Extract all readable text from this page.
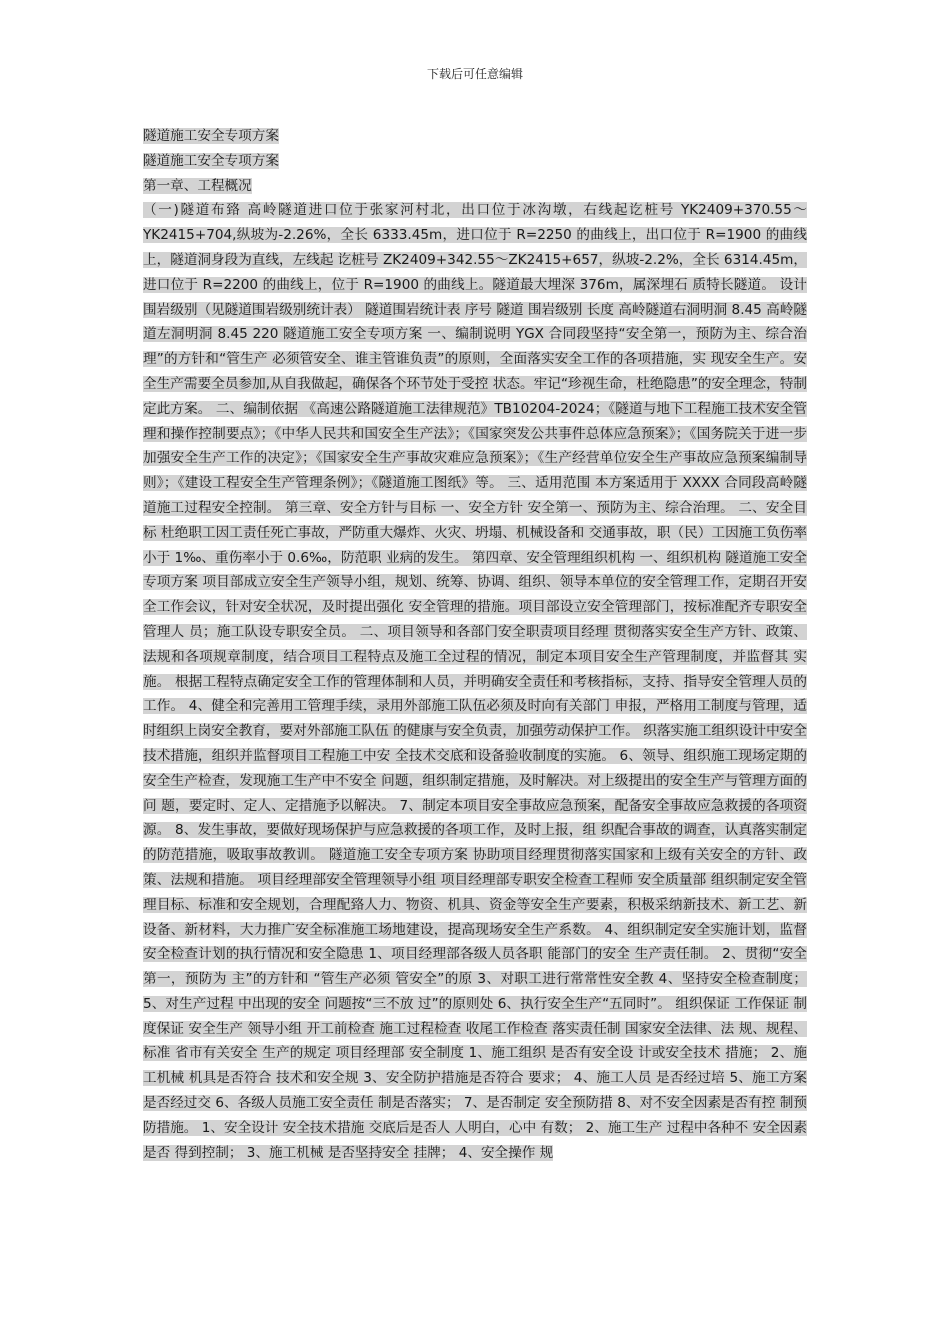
下载后可任意编辑
隧道施工安全专项方案
隧道施工安全专项方案
第一章、工程概况

（一)隧道布臵 高岭隧道进口位于张家河村北，出口位于冰沟墩，右线起讫桩号 YK2409+370.55～YK2415+704,纵坡为-2.26%，全长 6333.45m，进口位于 R=2250 的曲线上，出口位于 R=1900 的曲线上，隧道洞身段为直线，左线起 讫桩号 ZK2409+342.55～ZK2415+657，纵坡-2.2%，全长 6314.45m，进口位于 R=2200 的曲线上，位于 R=1900 的曲线上。隧道最大埋深 376m，属深埋石 质特长隧道。 设计围岩级别（见隧道围岩级别统计表） 隧道围岩统计表 序号 隧道 围岩级别 长度 高岭隧道右洞明洞 8.45 高岭隧道左洞明洞 8.45 220 隧道施工安全专项方案 一、编制说明 YGX 合同段坚持“安全第一，预防为主、综合治理”的方针和“管生产 必须管安全、谁主管谁负责”的原则，全面落实安全工作的各项措施，实 现安全生产。安全生产需要全员参加,从自我做起，确保各个环节处于受控 状态。牢记“珍视生命，杜绝隐患”的安全理念，特制定此方案。 二、编制依据 《高速公路隧道施工法律规范》TB10204-2024；《隧道与地下工程施工技术安全管理和操作控制要点》；《中华人民共和国安全生产法》；《国家突发公共事件总体应急预案》；《国务院关于进一步加强安全生产工作的决定》；《国家安全生产事故灾难应急预案》；《生产经营单位安全生产事故应急预案编制导则》；《建设工程安全生产管理条例》；《隧道施工图纸》等。 三、适用范围 本方案适用于 XXXX 合同段高岭隧道施工过程安全控制。 第三章、安全方针与目标 一、安全方针 安全第一、预防为主、综合治理。 二、安全目标 杜绝职工因工责任死亡事故，严防重大爆炸、火灾、坍塌、机械设备和 交通事故，职（民）工因施工负伤率小于 1‰、重伤率小于 0.6‰，防范职 业病的发生。 第四章、安全管理组织机构 一、组织机构 隧道施工安全专项方案 项目部成立安全生产领导小组，规划、统筹、协调、组织、领导本单位的安全管理工作，定期召开安全工作会议，针对安全状况，及时提出强化 安全管理的措施。项目部设立安全管理部门，按标准配齐专职安全管理人 员；施工队设专职安全员。 二、项目领导和各部门安全职责项目经理 贯彻落实安全生产方针、政策、法规和各项规章制度，结合项目工程特点及施工全过程的情况，制定本项目安全生产管理制度，并监督其 实施。 根据工程特点确定安全工作的管理体制和人员，并明确安全责任和考核指标，支持、指导安全管理人员的工作。 4、健全和完善用工管理手续，录用外部施工队伍必须及时向有关部门 申报，严格用工制度与管理，适时组织上岗安全教育，要对外部施工队伍 的健康与安全负责，加强劳动保护工作。 织落实施工组织设计中安全技术措施，组织并监督项目工程施工中安 全技术交底和设备验收制度的实施。 6、领导、组织施工现场定期的安全生产检查，发现施工生产中不安全 问题，组织制定措施，及时解决。对上级提出的安全生产与管理方面的问 题，要定时、定人、定措施予以解决。 7、制定本项目安全事故应急预案，配备安全事故应急救援的各项资源。 8、发生事故，要做好现场保护与应急救援的各项工作，及时上报，组 织配合事故的调查，认真落实制定的防范措施，吸取事故教训。 隧道施工安全专项方案 协助项目经理贯彻落实国家和上级有关安全的方针、政策、法规和措施。 项目经理部安全管理领导小组 项目经理部专职安全检查工程师 安全质量部 组织制定安全管理目标、标准和安全规划，合理配臵人力、物资、机具、资金等安全生产要素，积极采纳新技术、新工艺、新设备、新材料，大力推广安全标准施工场地建设，提高现场安全生产系数。 4、组织制定安全实施计划，监督安全检查计划的执行情况和安全隐患 1、项目经理部各级人员各职 能部门的安全 生产责任制。 2、贯彻“安全 第一，预防为 主”的方针和 “管生产必须 管安全”的原 3、对职工进行常常性安全教 4、坚持安全检查制度； 5、对生产过程 中出现的安全 问题按“三不放 过”的原则处 6、执行安全生产“五同时”。 组织保证 工作保证 制度保证 安全生产 领导小组 开工前检查 施工过程检查 收尾工作检查 落实责任制 国家安全法律、法 规、规程、标准 省市有关安全 生产的规定 项目经理部 安全制度 1、施工组织 是否有安全设 计或安全技术 措施； 2、施工机械 机具是否符合 技术和安全规 3、安全防护措施是否符合 要求； 4、施工人员 是否经过培 5、施工方案是否经过交 6、各级人员施工安全责任 制是否落实； 7、是否制定 安全预防措 8、对不安全因素是否有控 制预防措施。 1、安全设计 安全技术措施 交底后是否人 人明白，心中 有数； 2、施工生产 过程中各种不 安全因素是否 得到控制； 3、施工机械 是否坚持安全 挂牌； 4、安全操作 规
